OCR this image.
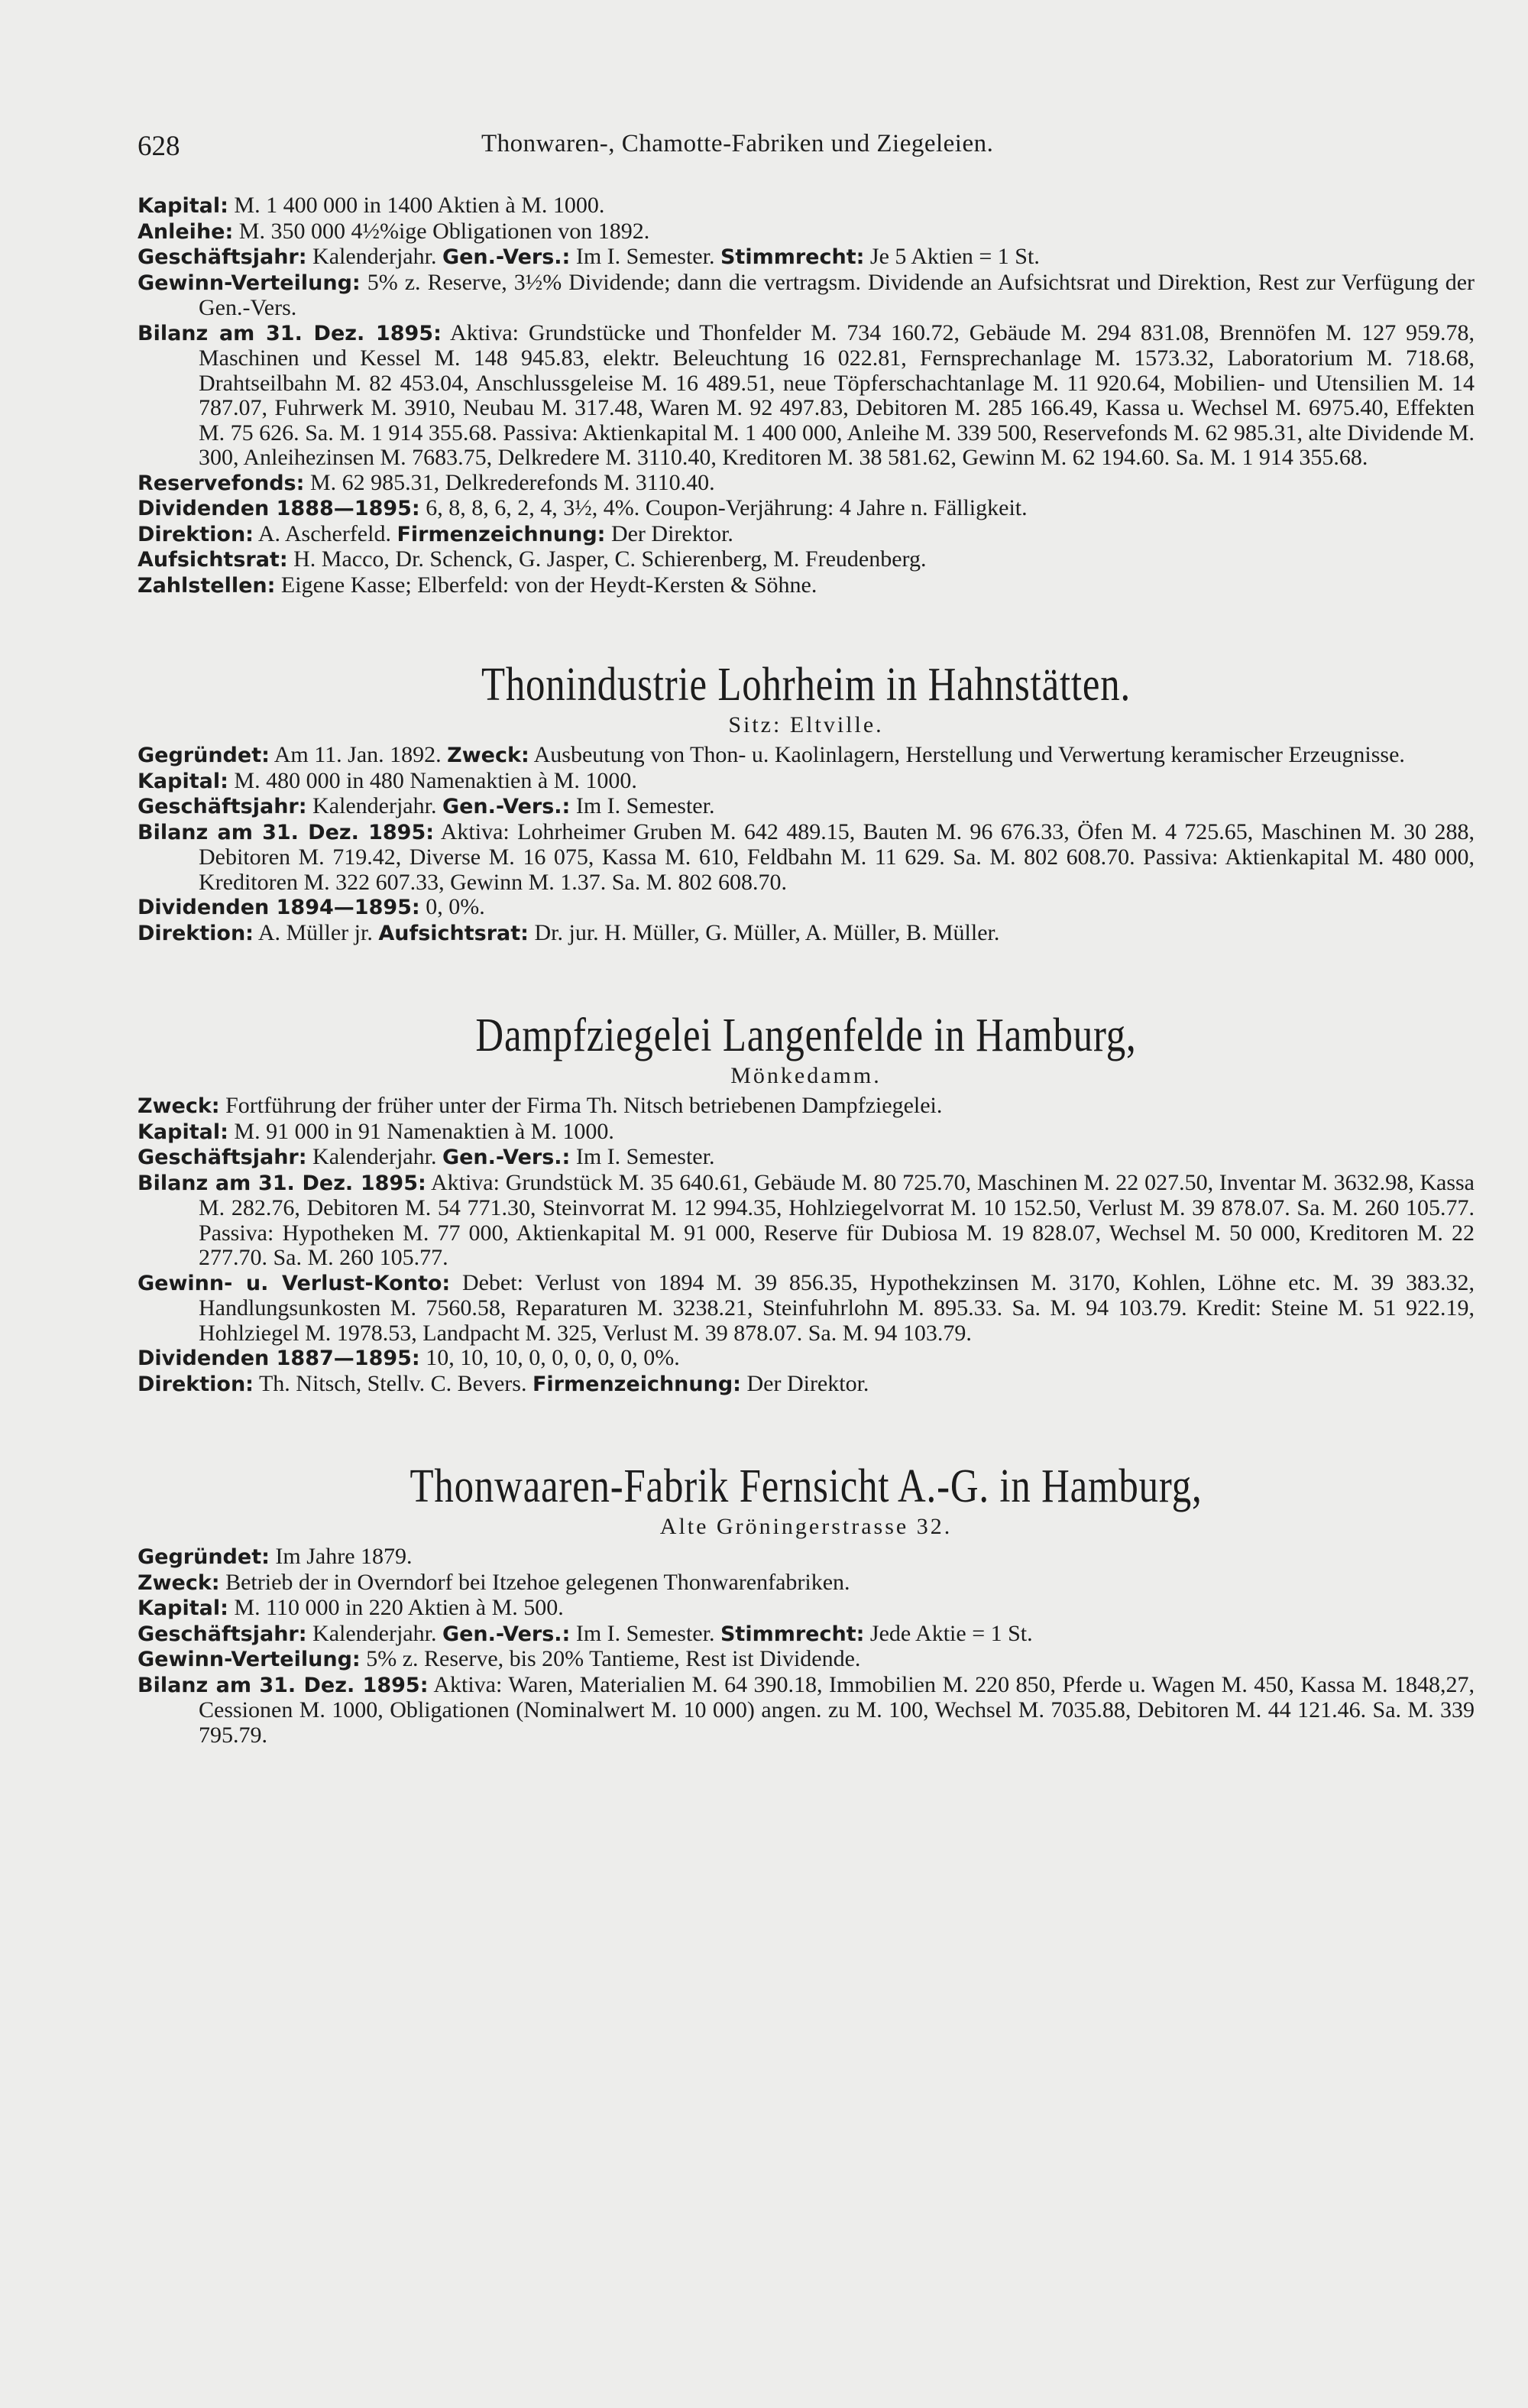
628	Thonwaren-, Chamotte-Fabriken und Ziegeleien.

Kapital: M. 1 400 000 in 1400 Aktien à M. 1000.

Anleihe: M. 350 000 4½%ige Obligationen von 1892.

Geschäftsjahr: Kalenderjahr. Gen.-Vers.: Im I. Semester. Stimmrecht: Je 5 Aktien = 1 St.

Gewinn-Verteilung: 5% z. Reserve, 3½% Dividende; dann die vertragsm. Dividende an Aufsichtsrat und Direktion, Rest zur Verfügung der Gen.-Vers.

Bilanz am 31. Dez. 1895: Aktiva: Grundstücke und Thonfelder M. 734 160.72, Gebäude M. 294 831.08, Brennöfen M. 127 959.78, Maschinen und Kessel M. 148 945.83, elektr. Beleuchtung 16 022.81, Fernsprechanlage M. 1573.32, Laboratorium M. 718.68, Drahtseilbahn M. 82 453.04, Anschlussgeleise M. 16 489.51, neue Töpferschachtanlage M. 11 920.64, Mobilien- und Utensilien M. 14 787.07, Fuhrwerk M. 3910, Neubau M. 317.48, Waren M. 92 497.83, Debitoren M. 285 166.49, Kassa u. Wechsel M. 6975.40, Effekten M. 75 626. Sa. M. 1 914 355.68. Passiva: Aktienkapital M. 1 400 000, Anleihe M. 339 500, Reservefonds M. 62 985.31, alte Dividende M. 300, Anleihezinsen M. 7683.75, Delkredere M. 3110.40, Kreditoren M. 38 581.62, Gewinn M. 62 194.60. Sa. M. 1 914 355.68.

Reservefonds: M. 62 985.31, Delkrederefonds M. 3110.40.

Dividenden 1888—1895: 6, 8, 8, 6, 2, 4, 3½, 4%. Coupon-Verjährung: 4 Jahre n. Fälligkeit.

Direktion: A. Ascherfeld. Firmenzeichnung: Der Direktor.

Aufsichtsrat: H. Macco, Dr. Schenck, G. Jasper, C. Schierenberg, M. Freudenberg.

Zahlstellen: Eigene Kasse; Elberfeld: von der Heydt-Kersten & Söhne.

Thonindustrie Lohrheim in Hahnstätten.

Sitz: Eltville.

Gegründet: Am 11. Jan. 1892. Zweck: Ausbeutung von Thon- u. Kaolinlagern, Herstellung und Verwertung keramischer Erzeugnisse.

Kapital: M. 480 000 in 480 Namenaktien à M. 1000.

Geschäftsjahr: Kalenderjahr. Gen.-Vers.: Im I. Semester.

Bilanz am 31. Dez. 1895: Aktiva: Lohrheimer Gruben M. 642 489.15, Bauten M. 96 676.33, Öfen M. 4 725.65, Maschinen M. 30 288, Debitoren M. 719.42, Diverse M. 16 075, Kassa M. 610, Feldbahn M. 11 629. Sa. M. 802 608.70. Passiva: Aktienkapital M. 480 000, Kreditoren M. 322 607.33, Gewinn M. 1.37. Sa. M. 802 608.70.

Dividenden 1894—1895: 0, 0%.

Direktion: A. Müller jr. Aufsichtsrat: Dr. jur. H. Müller, G. Müller, A. Müller, B. Müller.

Dampfziegelei Langenfelde in Hamburg,

Mönkedamm.

Zweck: Fortführung der früher unter der Firma Th. Nitsch betriebenen Dampfziegelei.

Kapital: M. 91 000 in 91 Namenaktien à M. 1000.

Geschäftsjahr: Kalenderjahr. Gen.-Vers.: Im I. Semester.

Bilanz am 31. Dez. 1895: Aktiva: Grundstück M. 35 640.61, Gebäude M. 80 725.70, Maschinen M. 22 027.50, Inventar M. 3632.98, Kassa M. 282.76, Debitoren M. 54 771.30, Steinvorrat M. 12 994.35, Hohlziegelvorrat M. 10 152.50, Verlust M. 39 878.07. Sa. M. 260 105.77. Passiva: Hypotheken M. 77 000, Aktienkapital M. 91 000, Reserve für Dubiosa M. 19 828.07, Wechsel M. 50 000, Kreditoren M. 22 277.70. Sa. M. 260 105.77.

Gewinn- u. Verlust-Konto: Debet: Verlust von 1894 M. 39 856.35, Hypothekzinsen M. 3170, Kohlen, Löhne etc. M. 39 383.32, Handlungsunkosten M. 7560.58, Reparaturen M. 3238.21, Steinfuhrlohn M. 895.33. Sa. M. 94 103.79. Kredit: Steine M. 51 922.19, Hohlziegel M. 1978.53, Landpacht M. 325, Verlust M. 39 878.07. Sa. M. 94 103.79.

Dividenden 1887—1895: 10, 10, 10, 0, 0, 0, 0, 0, 0%.

Direktion: Th. Nitsch, Stellv. C. Bevers. Firmenzeichnung: Der Direktor.

Thonwaaren-Fabrik Fernsicht A.-G. in Hamburg,

Alte Gröningerstrasse 32.

Gegründet: Im Jahre 1879.

Zweck: Betrieb der in Overndorf bei Itzehoe gelegenen Thonwarenfabriken.

Kapital: M. 110 000 in 220 Aktien à M. 500.

Geschäftsjahr: Kalenderjahr. Gen.-Vers.: Im I. Semester. Stimmrecht: Jede Aktie = 1 St.

Gewinn-Verteilung: 5% z. Reserve, bis 20% Tantieme, Rest ist Dividende.

Bilanz am 31. Dez. 1895: Aktiva: Waren, Materialien M. 64 390.18, Immobilien M. 220 850, Pferde u. Wagen M. 450, Kassa M. 1848,27, Cessionen M. 1000, Obligationen (Nominalwert M. 10 000) angen. zu M. 100, Wechsel M. 7035.88, Debitoren M. 44 121.46. Sa. M. 339 795.79.
